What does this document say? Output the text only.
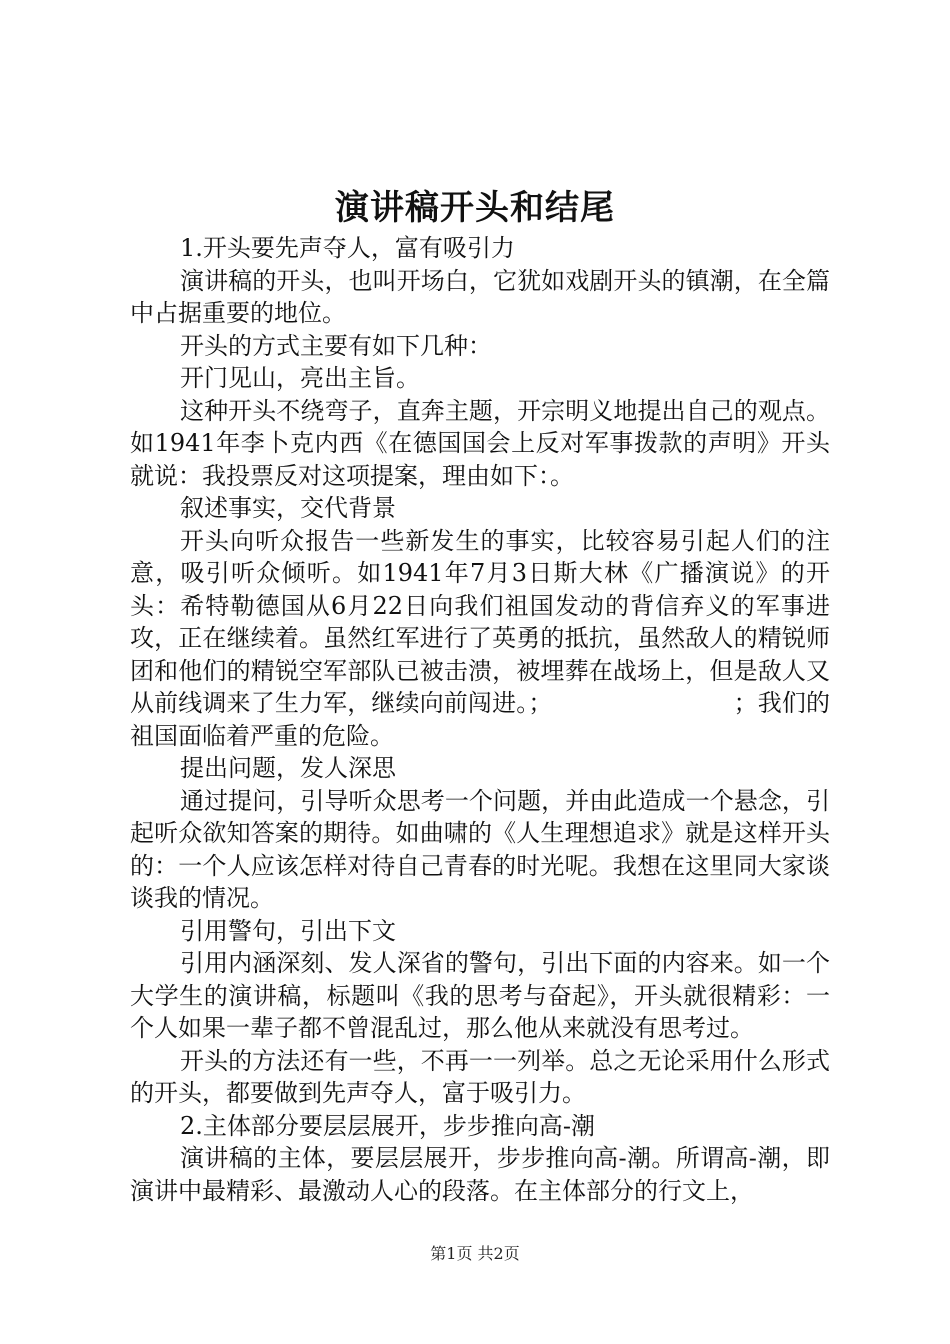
演讲稿开头和结尾

1.开头要先声夺人，富有吸引力

演讲稿的开头，也叫开场白，它犹如戏剧开头的镇潮，在全篇中占据重要的地位。

开头的方式主要有如下几种：

开门见山，亮出主旨。

这种开头不绕弯子，直奔主题，开宗明义地提出自己的观点。如1941年李卜克内西《在德国国会上反对军事拨款的声明》开头就说：我投票反对这项提案，理由如下：。

叙述事实，交代背景

开头向听众报告一些新发生的事实，比较容易引起人们的注意，吸引听众倾听。如1941年7月3日斯大林《广播演说》的开头：希特勒德国从6月22日向我们祖国发动的背信弃义的军事进攻，正在继续着。虽然红军进行了英勇的抵抗，虽然敌人的精锐师团和他们的精锐空军部队已被击溃，被埋葬在战场上，但是敌人又从前线调来了生力军，继续向前闯进。；　　　　　　　　；我们的祖国面临着严重的危险。

提出问题，发人深思

通过提问，引导听众思考一个问题，并由此造成一个悬念，引起听众欲知答案的期待。如曲啸的《人生理想追求》就是这样开头的：一个人应该怎样对待自己青春的时光呢。我想在这里同大家谈谈我的情况。

引用警句，引出下文

引用内涵深刻、发人深省的警句，引出下面的内容来。如一个大学生的演讲稿，标题叫《我的思考与奋起》，开头就很精彩：一个人如果一辈子都不曾混乱过，那么他从来就没有思考过。

开头的方法还有一些，不再一一列举。总之无论采用什么形式的开头，都要做到先声夺人，富于吸引力。

2.主体部分要层层展开，步步推向高-潮

演讲稿的主体，要层层展开，步步推向高-潮。所谓高-潮，即演讲中最精彩、最激动人心的段落。在主体部分的行文上，

第1页 共2页
